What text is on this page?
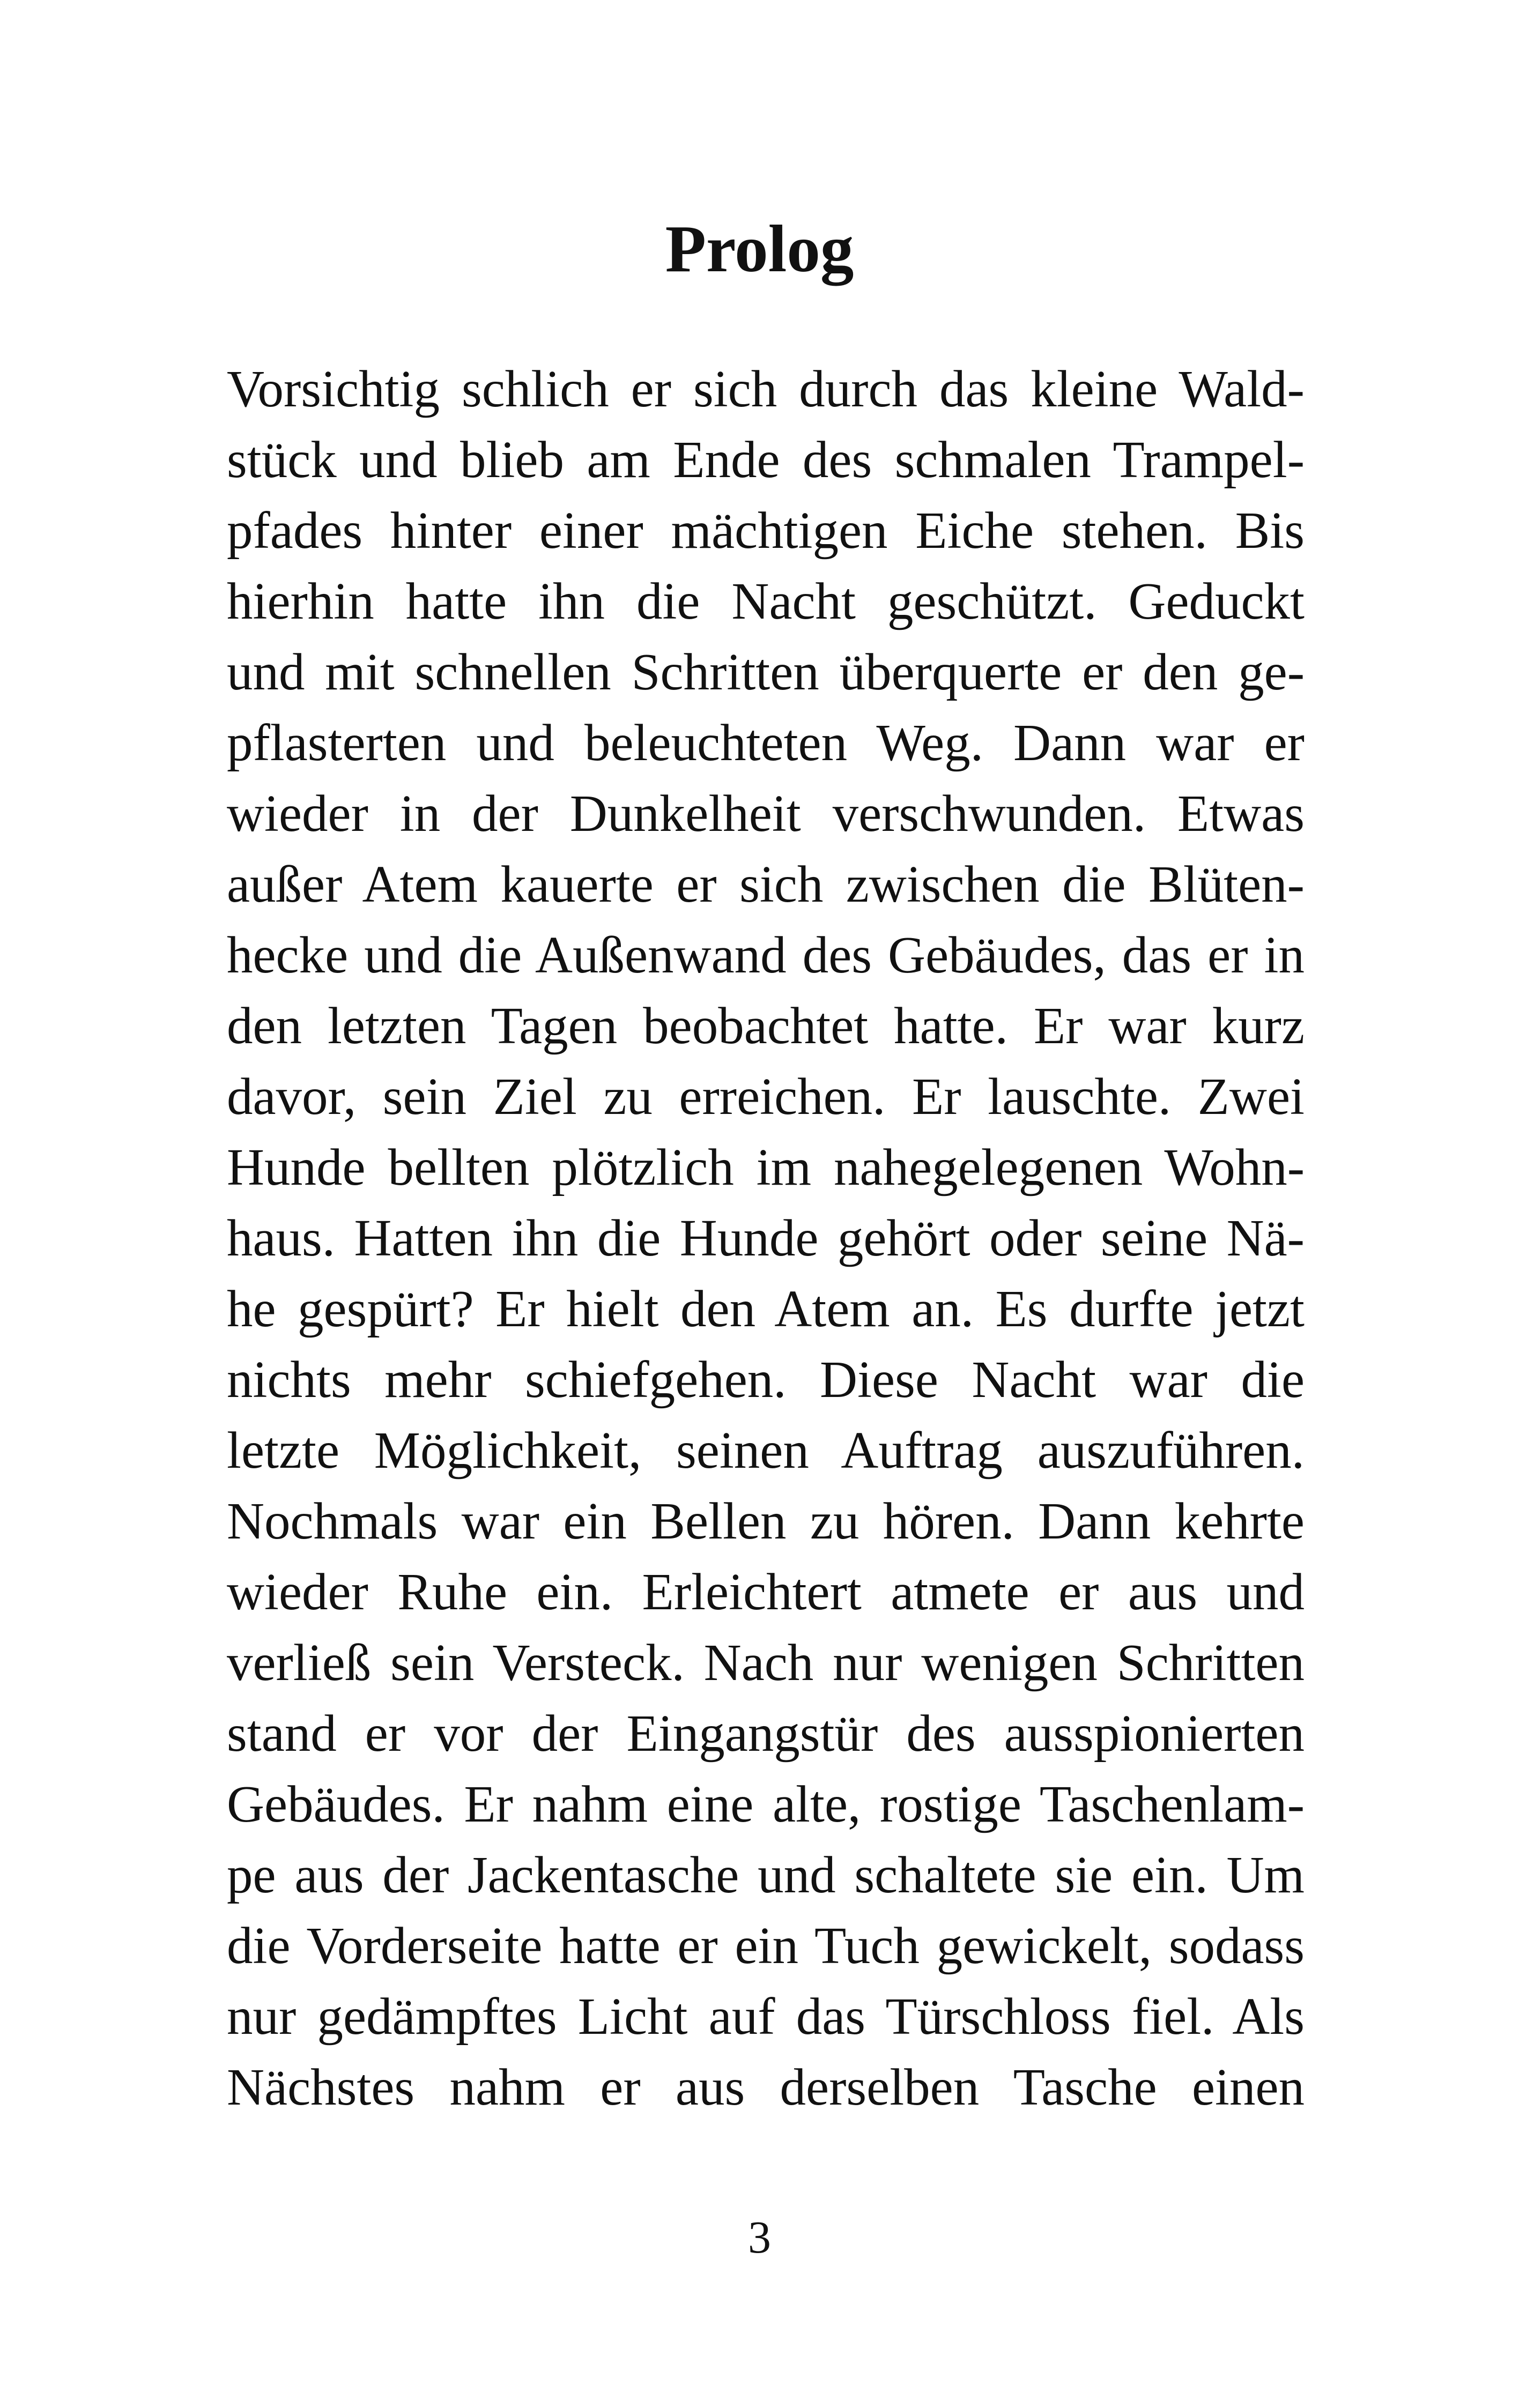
Prolog
Vorsichtig schlich er sich durch das kleine Wald-
stück und blieb am Ende des schmalen Trampel-
pfades hinter einer mächtigen Eiche stehen. Bis
hierhin hatte ihn die Nacht geschützt. Geduckt
und mit schnellen Schritten überquerte er den ge-
pflasterten und beleuchteten Weg. Dann war er
wieder in der Dunkelheit verschwunden. Etwas
außer Atem kauerte er sich zwischen die Blüten-
hecke und die Außenwand des Gebäudes, das er in
den letzten Tagen beobachtet hatte. Er war kurz
davor, sein Ziel zu erreichen. Er lauschte. Zwei
Hunde bellten plötzlich im nahegelegenen Wohn-
haus. Hatten ihn die Hunde gehört oder seine Nä-
he gespürt? Er hielt den Atem an. Es durfte jetzt
nichts mehr schiefgehen. Diese Nacht war die
letzte Möglichkeit, seinen Auftrag auszuführen.
Nochmals war ein Bellen zu hören. Dann kehrte
wieder Ruhe ein. Erleichtert atmete er aus und
verließ sein Versteck. Nach nur wenigen Schritten
stand er vor der Eingangstür des ausspionierten
Gebäudes. Er nahm eine alte, rostige Taschenlam-
pe aus der Jackentasche und schaltete sie ein. Um
die Vorderseite hatte er ein Tuch gewickelt, sodass
nur gedämpftes Licht auf das Türschloss fiel. Als
Nächstes nahm er aus derselben Tasche einen
3
